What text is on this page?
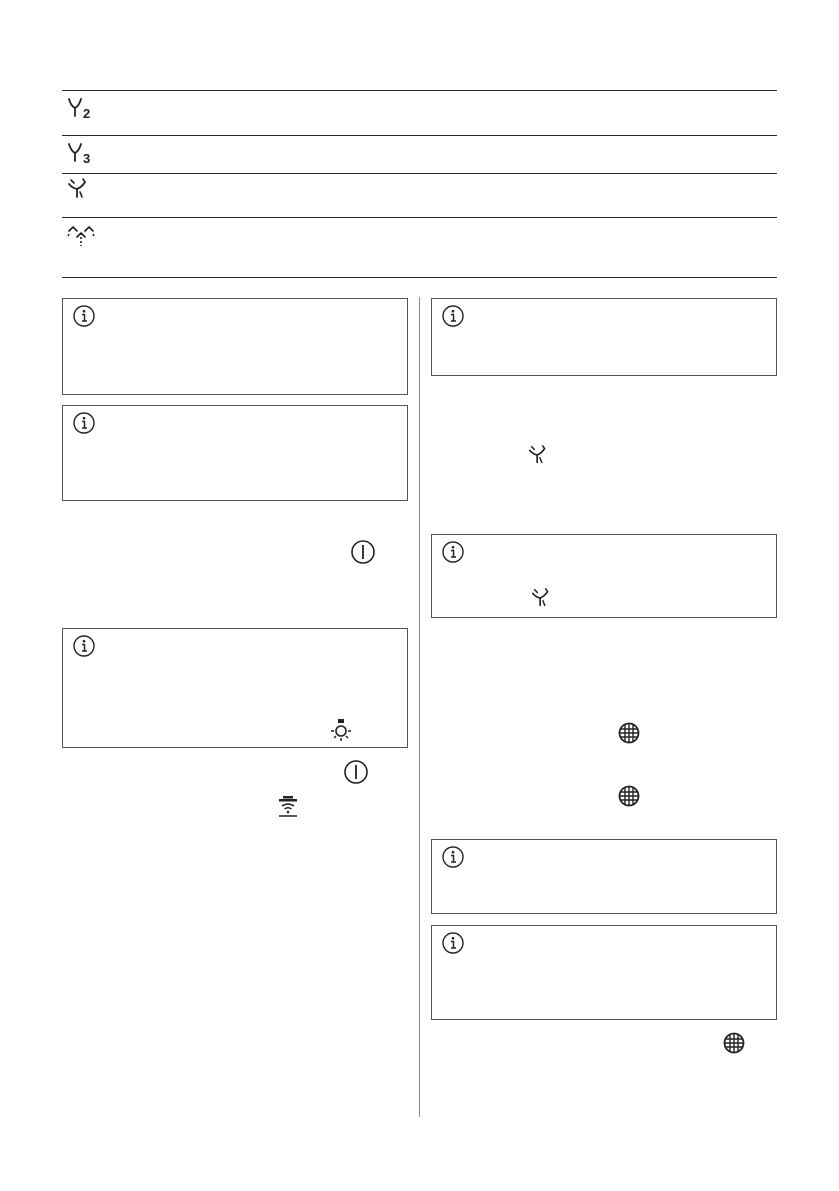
2
3
